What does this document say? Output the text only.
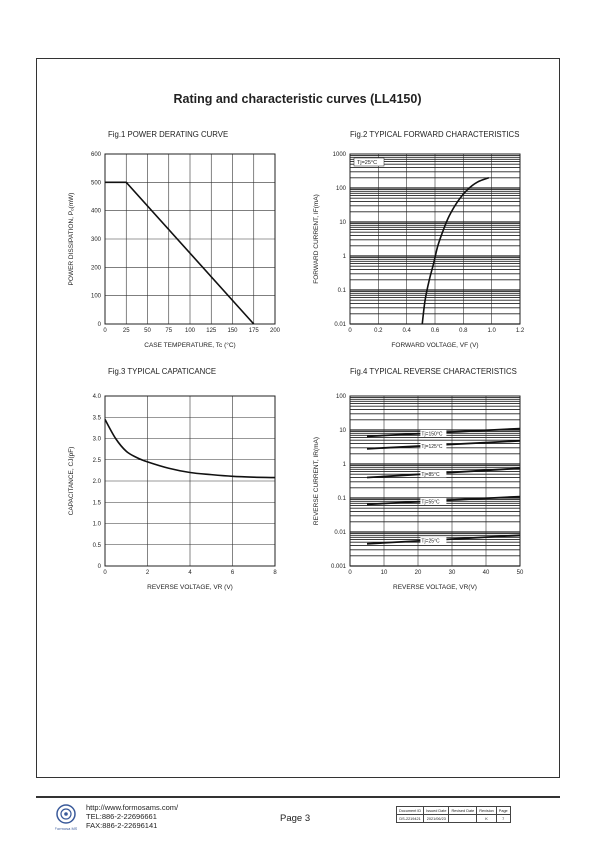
Rating and characteristic curves (LL4150)
Fig.1 POWER DERATING CURVE	Fig.2 TYPICAL FORWARD CHARACTERISTICS
Fig.3 TYPICAL CAPATICANCE	Fig.4 TYPICAL REVERSE CHARACTERISTICS
0	25 50 75 100 125 150 175 200
0
100
200
300
400
500
600
CASE TEMPERATURE, Tc (°C)
POWER DISSIPATION, Pₒ(mW)
0	0.2	0.4	0.6	0.8	1.0	1.2
0.01
0.1
1
10
100
1000
FORWARD VOLTAGE, VF (V)
FORWARD CURRENT, IF(mA)
Tj=25°C
0	2	4	6	8
0
0.5
1.0
1.5
2.0
2.5
3.0
3.5
4.0
REVERSE VOLTAGE, VR (V)
CAPACITANCE, CJ(pF)
0	10	20	30	40	50
0.001
0.01
0.1
1
10
100
REVERSE VOLTAGE, VR(V)
REVERSE CURRENT, IR(mA)
Tj=150°C
Tj=125°C
Tj=85°C
Tj=55°C
Tj=25°C
Formosa MS
http://www.formosams.com/
TEL:886-2-22696661
FAX:886-2-22696141
Page 3
Document ID	Issued Date	Revised Date	Revision	Page
DS-2219421	2021/06/23		K	7
